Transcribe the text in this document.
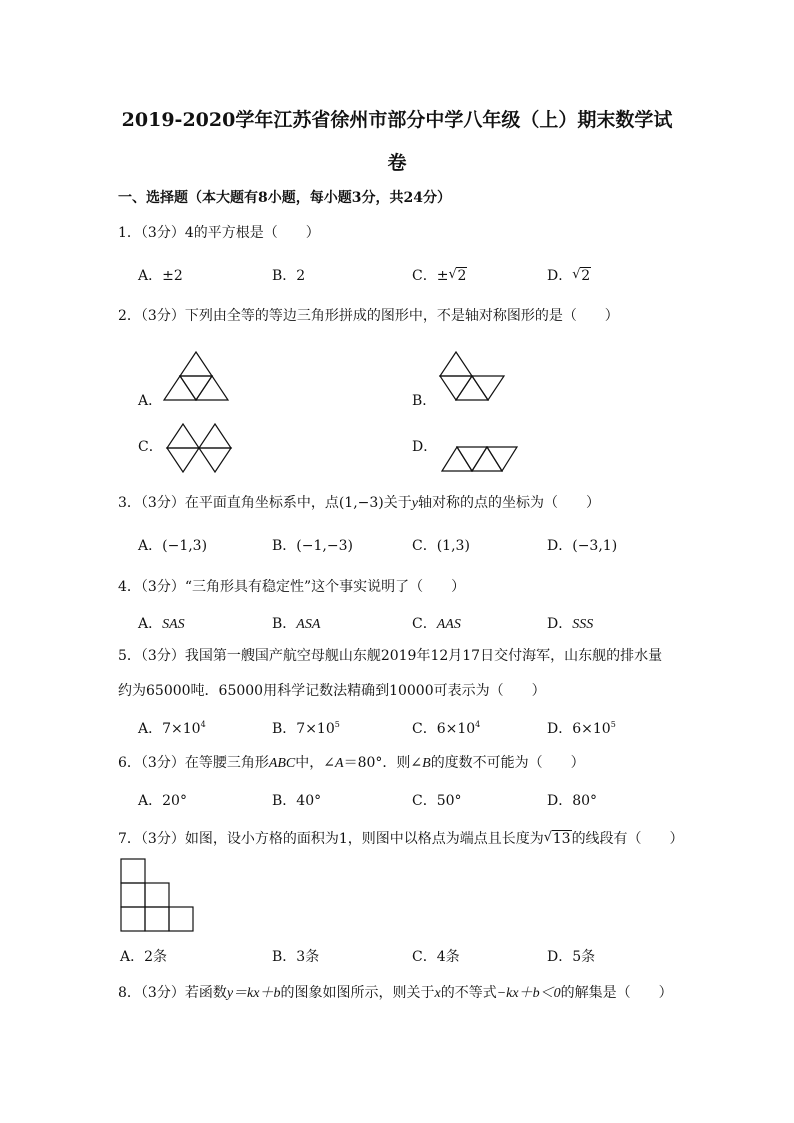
2019-2020学年江苏省徐州市部分中学八年级（上）期末数学试
卷
一、选择题（本大题有8小题，每小题3分，共24分）
1．（3分）4的平方根是（　　）
A．±2	B．2	C．± √ 2	D． √ 2
2．（3分）下列由全等的等边三角形拼成的图形中，不是轴对称图形的是（　　）
A．	B．
C．	D．
3．（3分）在平面直角坐标系中，点(1,−3)关于y轴对称的点的坐标为（　　）
A．(−1,3)	B．(−1,−3)	C．(1,3)	D．(−3,1)
4．（3分）“三角形具有稳定性”这个事实说明了（　　）
A．SAS	B．ASA	C．AAS	D．SSS
5．（3分）我国第一艘国产航空母舰山东舰2019年12月17日交付海军，山东舰的排水量
约为65000吨．65000用科学记数法精确到10000可表示为（　　）
A．$7\times 10^4$	B．$7\times 10^5$	C．$6\times 10^4$	D．$6\times 10^5$
6．（3分）在等腰三角形ABC中，∠A＝80°．则∠B的度数不可能为（　　）
A．20°	B．40°	C．50°	D．80°
7．（3分）如图，设小方格的面积为1，则图中以格点为端点且长度为 √ 13的线段有（　　）
A．2条	B．3条	C．4条	D．5条
8．（3分）若函数y＝kx＋b的图象如图所示，则关于x的不等式−kx＋b＜0的解集是（　　）
